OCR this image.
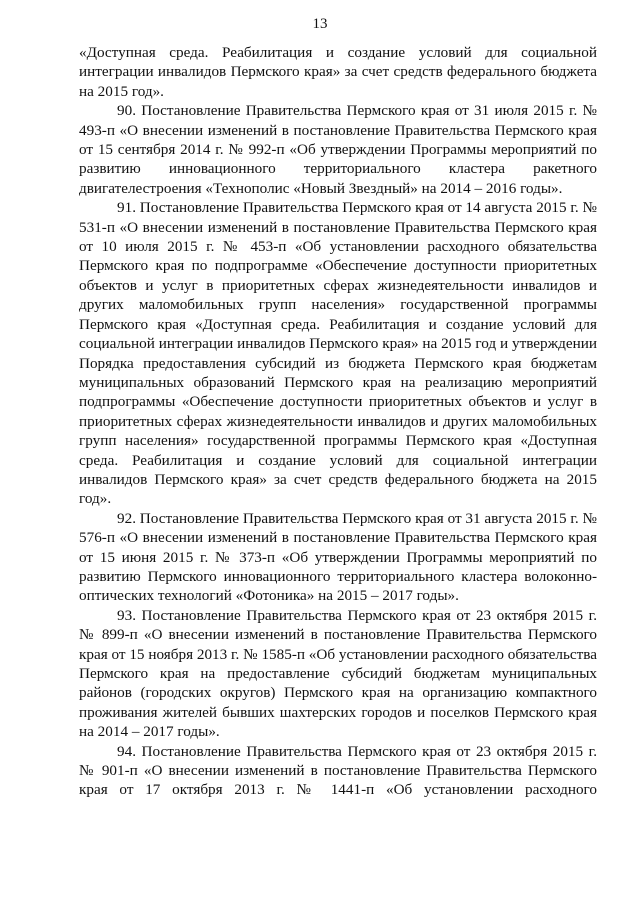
13

«Доступная среда. Реабилитация и создание условий для социальной интеграции инвалидов Пермского края» за счет средств федерального бюджета на 2015 год».

90. Постановление Правительства Пермского края от 31 июля 2015 г. № 493-п «О внесении изменений в постановление Правительства Пермского края от 15 сентября 2014 г. № 992-п «Об утверждении Программы мероприятий по развитию инновационного территориального кластера ракетного двигателестроения «Технополис «Новый Звездный» на 2014 – 2016 годы».

91. Постановление Правительства Пермского края от 14 августа 2015 г. № 531-п «О внесении изменений в постановление Правительства Пермского края от 10 июля 2015 г. № 453-п «Об установлении расходного обязательства Пермского края по подпрограмме «Обеспечение доступности приоритетных объектов и услуг в приоритетных сферах жизнедеятельности инвалидов и других маломобильных групп населения» государственной программы Пермского края «Доступная среда. Реабилитация и создание условий для социальной интеграции инвалидов Пермского края» на 2015 год и утверждении Порядка предоставления субсидий из бюджета Пермского края бюджетам муниципальных образований Пермского края на реализацию мероприятий подпрограммы «Обеспечение доступности приоритетных объектов и услуг в приоритетных сферах жизнедеятельности инвалидов и других маломобильных групп населения» государственной программы Пермского края «Доступная среда. Реабилитация и создание условий для социальной интеграции инвалидов Пермского края» за счет средств федерального бюджета на 2015 год».

92. Постановление Правительства Пермского края от 31 августа 2015 г. № 576-п «О внесении изменений в постановление Правительства Пермского края от 15 июня 2015 г. № 373-п «Об утверждении Программы мероприятий по развитию Пермского инновационного территориального кластера волоконно-оптических технологий «Фотоника» на 2015 – 2017 годы».

93. Постановление Правительства Пермского края от 23 октября 2015 г. № 899-п «О внесении изменений в постановление Правительства Пермского края от 15 ноября 2013 г. № 1585-п «Об установлении расходного обязательства Пермского края на предоставление субсидий бюджетам муниципальных районов (городских округов) Пермского края на организацию компактного проживания жителей бывших шахтерских городов и поселков Пермского края на 2014 – 2017 годы».

94. Постановление Правительства Пермского края от 23 октября 2015 г. № 901-п «О внесении изменений в постановление Правительства Пермского края от 17 октября 2013 г. № 1441-п «Об установлении расходного
